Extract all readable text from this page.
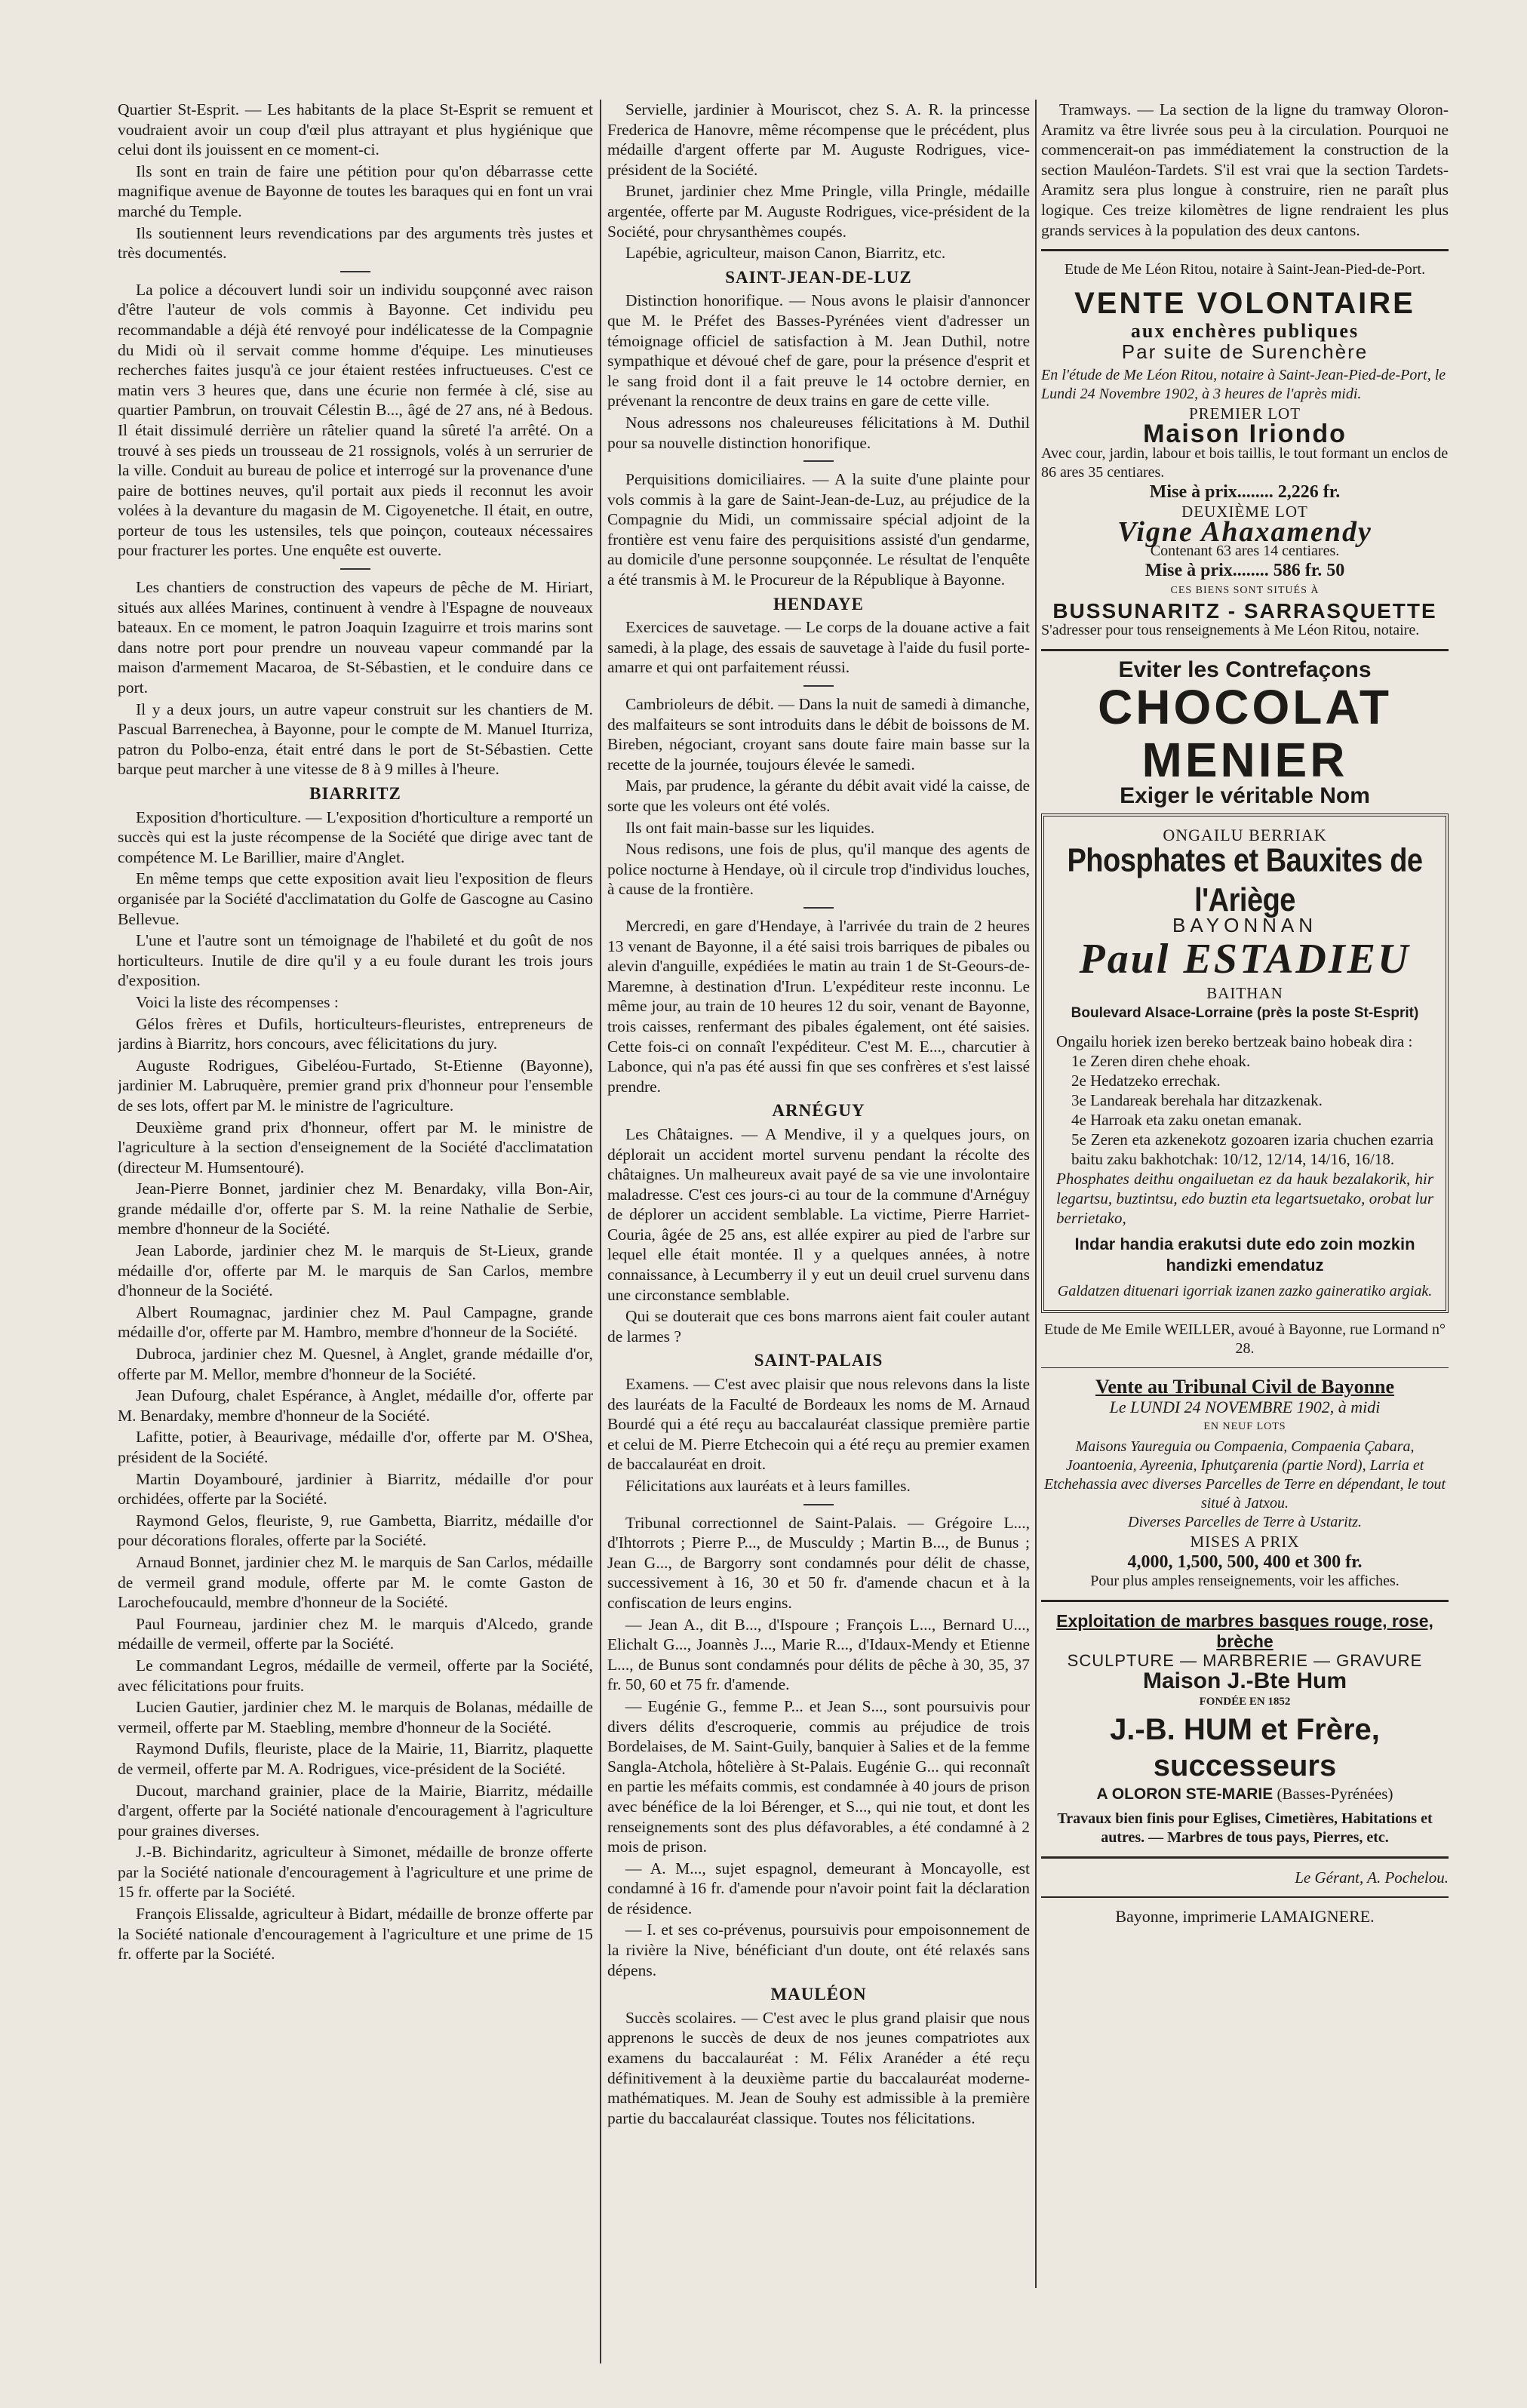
Quartier St-Esprit. — Les habitants de la place St-Esprit se remuent et voudraient avoir un coup d'œil plus attrayant et plus hygiénique que celui dont ils jouissent en ce moment-ci.

Ils sont en train de faire une pétition pour qu'on débarrasse cette magnifique avenue de Bayonne de toutes les baraques qui en font un vrai marché du Temple.

Ils soutiennent leurs revendications par des arguments très justes et très documentés.

La police a découvert lundi soir un individu soupçonné avec raison d'être l'auteur de vols commis à Bayonne. Cet individu peu recommandable a déjà été renvoyé pour indélicatesse de la Compagnie du Midi où il servait comme homme d'équipe. Les minutieuses recherches faites jusqu'à ce jour étaient restées infructueuses. C'est ce matin vers 3 heures que, dans une écurie non fermée à clé, sise au quartier Pambrun, on trouvait Célestin B..., âgé de 27 ans, né à Bedous. Il était dissimulé derrière un râtelier quand la sûreté l'a arrêté. On a trouvé à ses pieds un trousseau de 21 rossignols, volés à un serrurier de la ville. Conduit au bureau de police et interrogé sur la provenance d'une paire de bottines neuves, qu'il portait aux pieds il reconnut les avoir volées à la devanture du magasin de M. Cigoyenetche. Il était, en outre, porteur de tous les ustensiles, tels que poinçon, couteaux nécessaires pour fracturer les portes. Une enquête est ouverte.

Les chantiers de construction des vapeurs de pêche de M. Hiriart, situés aux allées Marines, continuent à vendre à l'Espagne de nouveaux bateaux. En ce moment, le patron Joaquin Izaguirre et trois marins sont dans notre port pour prendre un nouveau vapeur commandé par la maison d'armement Macaroa, de St-Sébastien, et le conduire dans ce port.

Il y a deux jours, un autre vapeur construit sur les chantiers de M. Pascual Barrenechea, à Bayonne, pour le compte de M. Manuel Iturriza, patron du Polbo-enza, était entré dans le port de St-Sébastien. Cette barque peut marcher à une vitesse de 8 à 9 milles à l'heure.

BIARRITZ

Exposition d'horticulture. — L'exposition d'horticulture a remporté un succès qui est la juste récompense de la Société que dirige avec tant de compétence M. Le Barillier, maire d'Anglet.

En même temps que cette exposition avait lieu l'exposition de fleurs organisée par la Société d'acclimatation du Golfe de Gascogne au Casino Bellevue.

L'une et l'autre sont un témoignage de l'habileté et du goût de nos horticulteurs. Inutile de dire qu'il y a eu foule durant les trois jours d'exposition.

Voici la liste des récompenses :

Gélos frères et Dufils, horticulteurs-fleuristes, entrepreneurs de jardins à Biarritz, hors concours, avec félicitations du jury.

Auguste Rodrigues, Gibeléou-Furtado, St-Etienne (Bayonne), jardinier M. Labruquère, premier grand prix d'honneur pour l'ensemble de ses lots, offert par M. le ministre de l'agriculture.

Deuxième grand prix d'honneur, offert par M. le ministre de l'agriculture à la section d'enseignement de la Société d'acclimatation (directeur M. Humsentouré).

Jean-Pierre Bonnet, jardinier chez M. Benardaky, villa Bon-Air, grande médaille d'or, offerte par S. M. la reine Nathalie de Serbie, membre d'honneur de la Société.

Jean Laborde, jardinier chez M. le marquis de St-Lieux, grande médaille d'or, offerte par M. le marquis de San Carlos, membre d'honneur de la Société.

Albert Roumagnac, jardinier chez M. Paul Campagne, grande médaille d'or, offerte par M. Hambro, membre d'honneur de la Société.

Dubroca, jardinier chez M. Quesnel, à Anglet, grande médaille d'or, offerte par M. Mellor, membre d'honneur de la Société.

Jean Dufourg, chalet Espérance, à Anglet, médaille d'or, offerte par M. Benardaky, membre d'honneur de la Société.

Lafitte, potier, à Beaurivage, médaille d'or, offerte par M. O'Shea, président de la Société.

Martin Doyambouré, jardinier à Biarritz, médaille d'or pour orchidées, offerte par la Société.

Raymond Gelos, fleuriste, 9, rue Gambetta, Biarritz, médaille d'or pour décorations florales, offerte par la Société.

Arnaud Bonnet, jardinier chez M. le marquis de San Carlos, médaille de vermeil grand module, offerte par M. le comte Gaston de Larochefoucauld, membre d'honneur de la Société.

Paul Fourneau, jardinier chez M. le marquis d'Alcedo, grande médaille de vermeil, offerte par la Société.

Le commandant Legros, médaille de vermeil, offerte par la Société, avec félicitations pour fruits.

Lucien Gautier, jardinier chez M. le marquis de Bolanas, médaille de vermeil, offerte par M. Staebling, membre d'honneur de la Société.

Raymond Dufils, fleuriste, place de la Mairie, 11, Biarritz, plaquette de vermeil, offerte par M. A. Rodrigues, vice-président de la Société.

Ducout, marchand grainier, place de la Mairie, Biarritz, médaille d'argent, offerte par la Société nationale d'encouragement à l'agriculture pour graines diverses.

J.-B. Bichindaritz, agriculteur à Simonet, médaille de bronze offerte par la Société nationale d'encouragement à l'agriculture et une prime de 15 fr. offerte par la Société.

François Elissalde, agriculteur à Bidart, médaille de bronze offerte par la Société nationale d'encouragement à l'agriculture et une prime de 15 fr. offerte par la Société.

Servielle, jardinier à Mouriscot, chez S. A. R. la princesse Frederica de Hanovre, même récompense que le précédent, plus médaille d'argent offerte par M. Auguste Rodrigues, vice-président de la Société.

Brunet, jardinier chez Mme Pringle, villa Pringle, médaille argentée, offerte par M. Auguste Rodrigues, vice-président de la Société, pour chrysanthèmes coupés.

Lapébie, agriculteur, maison Canon, Biarritz, etc.

SAINT-JEAN-DE-LUZ

Distinction honorifique. — Nous avons le plaisir d'annoncer que M. le Préfet des Basses-Pyrénées vient d'adresser un témoignage officiel de satisfaction à M. Jean Duthil, notre sympathique et dévoué chef de gare, pour la présence d'esprit et le sang froid dont il a fait preuve le 14 octobre dernier, en prévenant la rencontre de deux trains en gare de cette ville.

Nous adressons nos chaleureuses félicitations à M. Duthil pour sa nouvelle distinction honorifique.

Perquisitions domiciliaires. — A la suite d'une plainte pour vols commis à la gare de Saint-Jean-de-Luz, au préjudice de la Compagnie du Midi, un commissaire spécial adjoint de la frontière est venu faire des perquisitions assisté d'un gendarme, au domicile d'une personne soupçonnée. Le résultat de l'enquête a été transmis à M. le Procureur de la République à Bayonne.

HENDAYE

Exercices de sauvetage. — Le corps de la douane active a fait samedi, à la plage, des essais de sauvetage à l'aide du fusil porte-amarre et qui ont parfaitement réussi.

Cambrioleurs de débit. — Dans la nuit de samedi à dimanche, des malfaiteurs se sont introduits dans le débit de boissons de M. Bireben, négociant, croyant sans doute faire main basse sur la recette de la journée, toujours élevée le samedi.

Mais, par prudence, la gérante du débit avait vidé la caisse, de sorte que les voleurs ont été volés.

Ils ont fait main-basse sur les liquides.

Nous redisons, une fois de plus, qu'il manque des agents de police nocturne à Hendaye, où il circule trop d'individus louches, à cause de la frontière.

Mercredi, en gare d'Hendaye, à l'arrivée du train de 2 heures 13 venant de Bayonne, il a été saisi trois barriques de pibales ou alevin d'anguille, expédiées le matin au train 1 de St-Geours-de-Maremne, à destination d'Irun. L'expéditeur reste inconnu. Le même jour, au train de 10 heures 12 du soir, venant de Bayonne, trois caisses, renfermant des pibales également, ont été saisies. Cette fois-ci on connaît l'expéditeur. C'est M. E..., charcutier à Labonce, qui n'a pas été aussi fin que ses confrères et s'est laissé prendre.

ARNÉGUY

Les Châtaignes. — A Mendive, il y a quelques jours, on déplorait un accident mortel survenu pendant la récolte des châtaignes. Un malheureux avait payé de sa vie une involontaire maladresse. C'est ces jours-ci au tour de la commune d'Arnéguy de déplorer un accident semblable. La victime, Pierre Harriet-Couria, âgée de 25 ans, est allée expirer au pied de l'arbre sur lequel elle était montée. Il y a quelques années, à notre connaissance, à Lecumberry il y eut un deuil cruel survenu dans une circonstance semblable.

Qui se douterait que ces bons marrons aient fait couler autant de larmes ?

SAINT-PALAIS

Examens. — C'est avec plaisir que nous relevons dans la liste des lauréats de la Faculté de Bordeaux les noms de M. Arnaud Bourdé qui a été reçu au baccalauréat classique première partie et celui de M. Pierre Etchecoin qui a été reçu au premier examen de baccalauréat en droit.

Félicitations aux lauréats et à leurs familles.

Tribunal correctionnel de Saint-Palais. — Grégoire L..., d'Ihtorrots ; Pierre P..., de Musculdy ; Martin B..., de Bunus ; Jean G..., de Bargorry sont condamnés pour délit de chasse, successivement à 16, 30 et 50 fr. d'amende chacun et à la confiscation de leurs engins.

— Jean A., dit B..., d'Ispoure ; François L..., Bernard U..., Elichalt G..., Joannès J..., Marie R..., d'Idaux-Mendy et Etienne L..., de Bunus sont condamnés pour délits de pêche à 30, 35, 37 fr. 50, 60 et 75 fr. d'amende.

— Eugénie G., femme P... et Jean S..., sont poursuivis pour divers délits d'escroquerie, commis au préjudice de trois Bordelaises, de M. Saint-Guily, banquier à Salies et de la femme Sangla-Atchola, hôtelière à St-Palais. Eugénie G... qui reconnaît en partie les méfaits commis, est condamnée à 40 jours de prison avec bénéfice de la loi Bérenger, et S..., qui nie tout, et dont les renseignements sont des plus défavorables, a été condamné à 2 mois de prison.

— A. M..., sujet espagnol, demeurant à Moncayolle, est condamné à 16 fr. d'amende pour n'avoir point fait la déclaration de résidence.

— I. et ses co-prévenus, poursuivis pour empoisonnement de la rivière la Nive, bénéficiant d'un doute, ont été relaxés sans dépens.

MAULÉON

Succès scolaires. — C'est avec le plus grand plaisir que nous apprenons le succès de deux de nos jeunes compatriotes aux examens du baccalauréat : M. Félix Aranéder a été reçu définitivement à la deuxième partie du baccalauréat moderne-mathématiques. M. Jean de Souhy est admissible à la première partie du baccalauréat classique. Toutes nos félicitations.

Tramways. — La section de la ligne du tramway Oloron-Aramitz va être livrée sous peu à la circulation. Pourquoi ne commencerait-on pas immédiatement la construction de la section Mauléon-Tardets. S'il est vrai que la section Tardets-Aramitz sera plus longue à construire, rien ne paraît plus logique. Ces treize kilomètres de ligne rendraient les plus grands services à la population des deux cantons.

Etude de Me Léon Ritou, notaire à Saint-Jean-Pied-de-Port.
VENTE VOLONTAIRE
aux enchères publiques
Par suite de Surenchère
En l'étude de Me Léon Ritou, notaire à Saint-Jean-Pied-de-Port, le Lundi 24 Novembre 1902, à 3 heures de l'après midi.
PREMIER LOT
Maison Iriondo
Avec cour, jardin, labour et bois taillis, le tout formant un enclos de 86 ares 35 centiares.
Mise à prix........ 2,226 fr.
DEUXIÈME LOT
Vigne Ahaxamendy
Contenant 63 ares 14 centiares.
Mise à prix........ 586 fr. 50
CES BIENS SONT SITUÉS À
BUSSUNARITZ - SARRASQUETTE
S'adresser pour tous renseignements à Me Léon Ritou, notaire.
Eviter les Contrefaçons
CHOCOLAT
MENIER
Exiger le véritable Nom
ONGAILU BERRIAK
Phosphates et Bauxites de l'Ariège
BAYONNAN
Paul ESTADIEU
BAITHAN
Boulevard Alsace-Lorraine (près la poste St-Esprit)
Ongailu horiek izen bereko bertzeak baino hobeak dira :
1e Zeren diren chehe ehoak.
2e Hedatzeko errechak.
3e Landareak berehala har ditzazkenak.
4e Harroak eta zaku onetan emanak.
5e Zeren eta azkenekotz gozoaren izaria chuchen ezarria baitu zaku bakhotchak: 10/12, 12/14, 14/16, 16/18.
Phosphates deithu ongailuetan ez da hauk bezalakorik, hir legartsu, buztintsu, edo buztin eta legartsuetako, orobat lur berrietako,
Indar handia erakutsi dute edo zoin mozkin handizki emendatuz
Galdatzen dituenari igorriak izanen zazko gaineratiko argiak.
Etude de Me Emile WEILLER, avoué à Bayonne, rue Lormand n° 28.
Vente au Tribunal Civil de Bayonne
Le LUNDI 24 NOVEMBRE 1902, à midi
EN NEUF LOTS
Maisons Yaureguia ou Compaenia, Compaenia Çabara, Joantoenia, Ayreenia, Iphutçarenia (partie Nord), Larria et Etchehassia avec diverses Parcelles de Terre en dépendant, le tout situé à Jatxou.
Diverses Parcelles de Terre à Ustaritz.
MISES A PRIX
4,000, 1,500, 500, 400 et 300 fr.
Pour plus amples renseignements, voir les affiches.
Exploitation de marbres basques rouge, rose, brèche
SCULPTURE — MARBRERIE — GRAVURE
Maison J.-Bte Hum
FONDÉE EN 1852
J.-B. HUM et Frère, successeurs
A OLORON STE-MARIE (Basses-Pyrénées)
Travaux bien finis pour Eglises, Cimetières, Habitations et autres. — Marbres de tous pays, Pierres, etc.
Le Gérant, A. Pochelou.
Bayonne, imprimerie LAMAIGNERE.
